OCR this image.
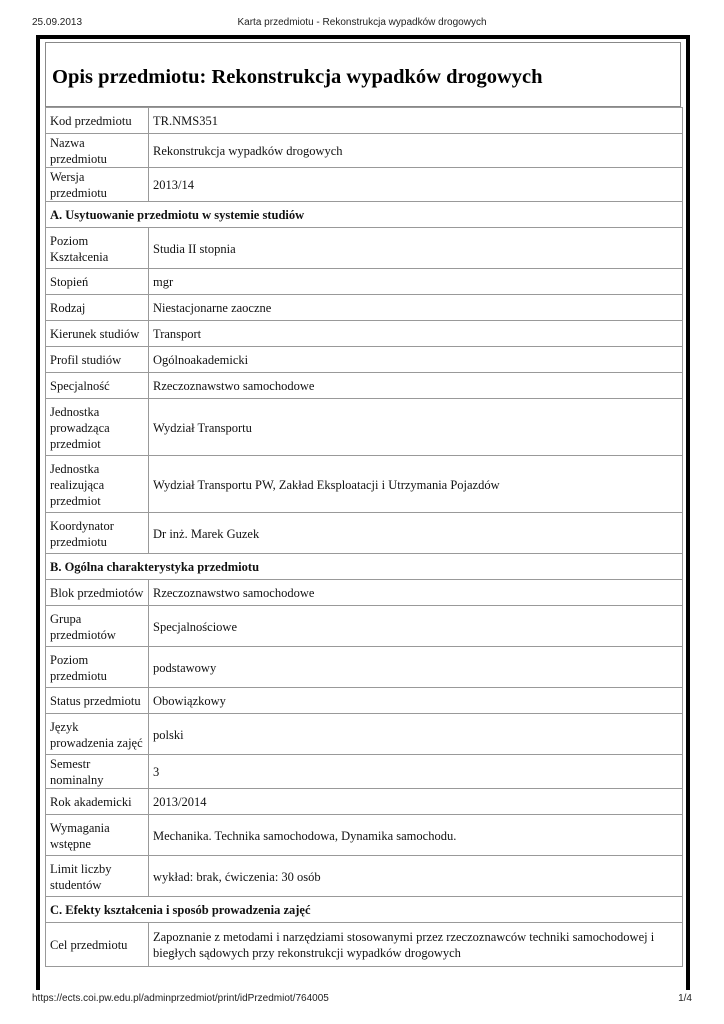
25.09.2013	Karta przedmiotu - Rekonstrukcja wypadków drogowych
Opis przedmiotu: Rekonstrukcja wypadków drogowych
Kod przedmiotu	TR.NMS351
Nazwa przedmiotu	Rekonstrukcja wypadków drogowych
Wersja przedmiotu	2013/14
A. Usytuowanie przedmiotu w systemie studiów	
Poziom Kształcenia	Studia II stopnia
Stopień	mgr
Rodzaj	Niestacjonarne zaoczne
Kierunek studiów	Transport
Profil studiów	Ogólnoakademicki
Specjalność	Rzeczoznawstwo samochodowe
Jednostka prowadząca przedmiot	Wydział Transportu
Jednostka realizująca przedmiot	Wydział Transportu PW, Zakład Eksploatacji i Utrzymania Pojazdów
Koordynator przedmiotu	Dr inż. Marek Guzek
B. Ogólna charakterystyka przedmiotu	
Blok przedmiotów	Rzeczoznawstwo samochodowe
Grupa przedmiotów	Specjalnościowe
Poziom przedmiotu	podstawowy
Status przedmiotu	Obowiązkowy
Język prowadzenia zajęć	polski
Semestr nominalny	3
Rok akademicki	2013/2014
Wymagania wstępne	Mechanika. Technika samochodowa, Dynamika samochodu.
Limit liczby studentów	wykład: brak, ćwiczenia: 30 osób
C. Efekty kształcenia i sposób prowadzenia zajęć	
Cel przedmiotu	Zapoznanie z metodami i narzędziami stosowanymi przez rzeczoznawców techniki samochodowej i biegłych sądowych przy rekonstrukcji wypadków drogowych
https://ects.coi.pw.edu.pl/adminprzedmiot/print/idPrzedmiot/764005	1/4
